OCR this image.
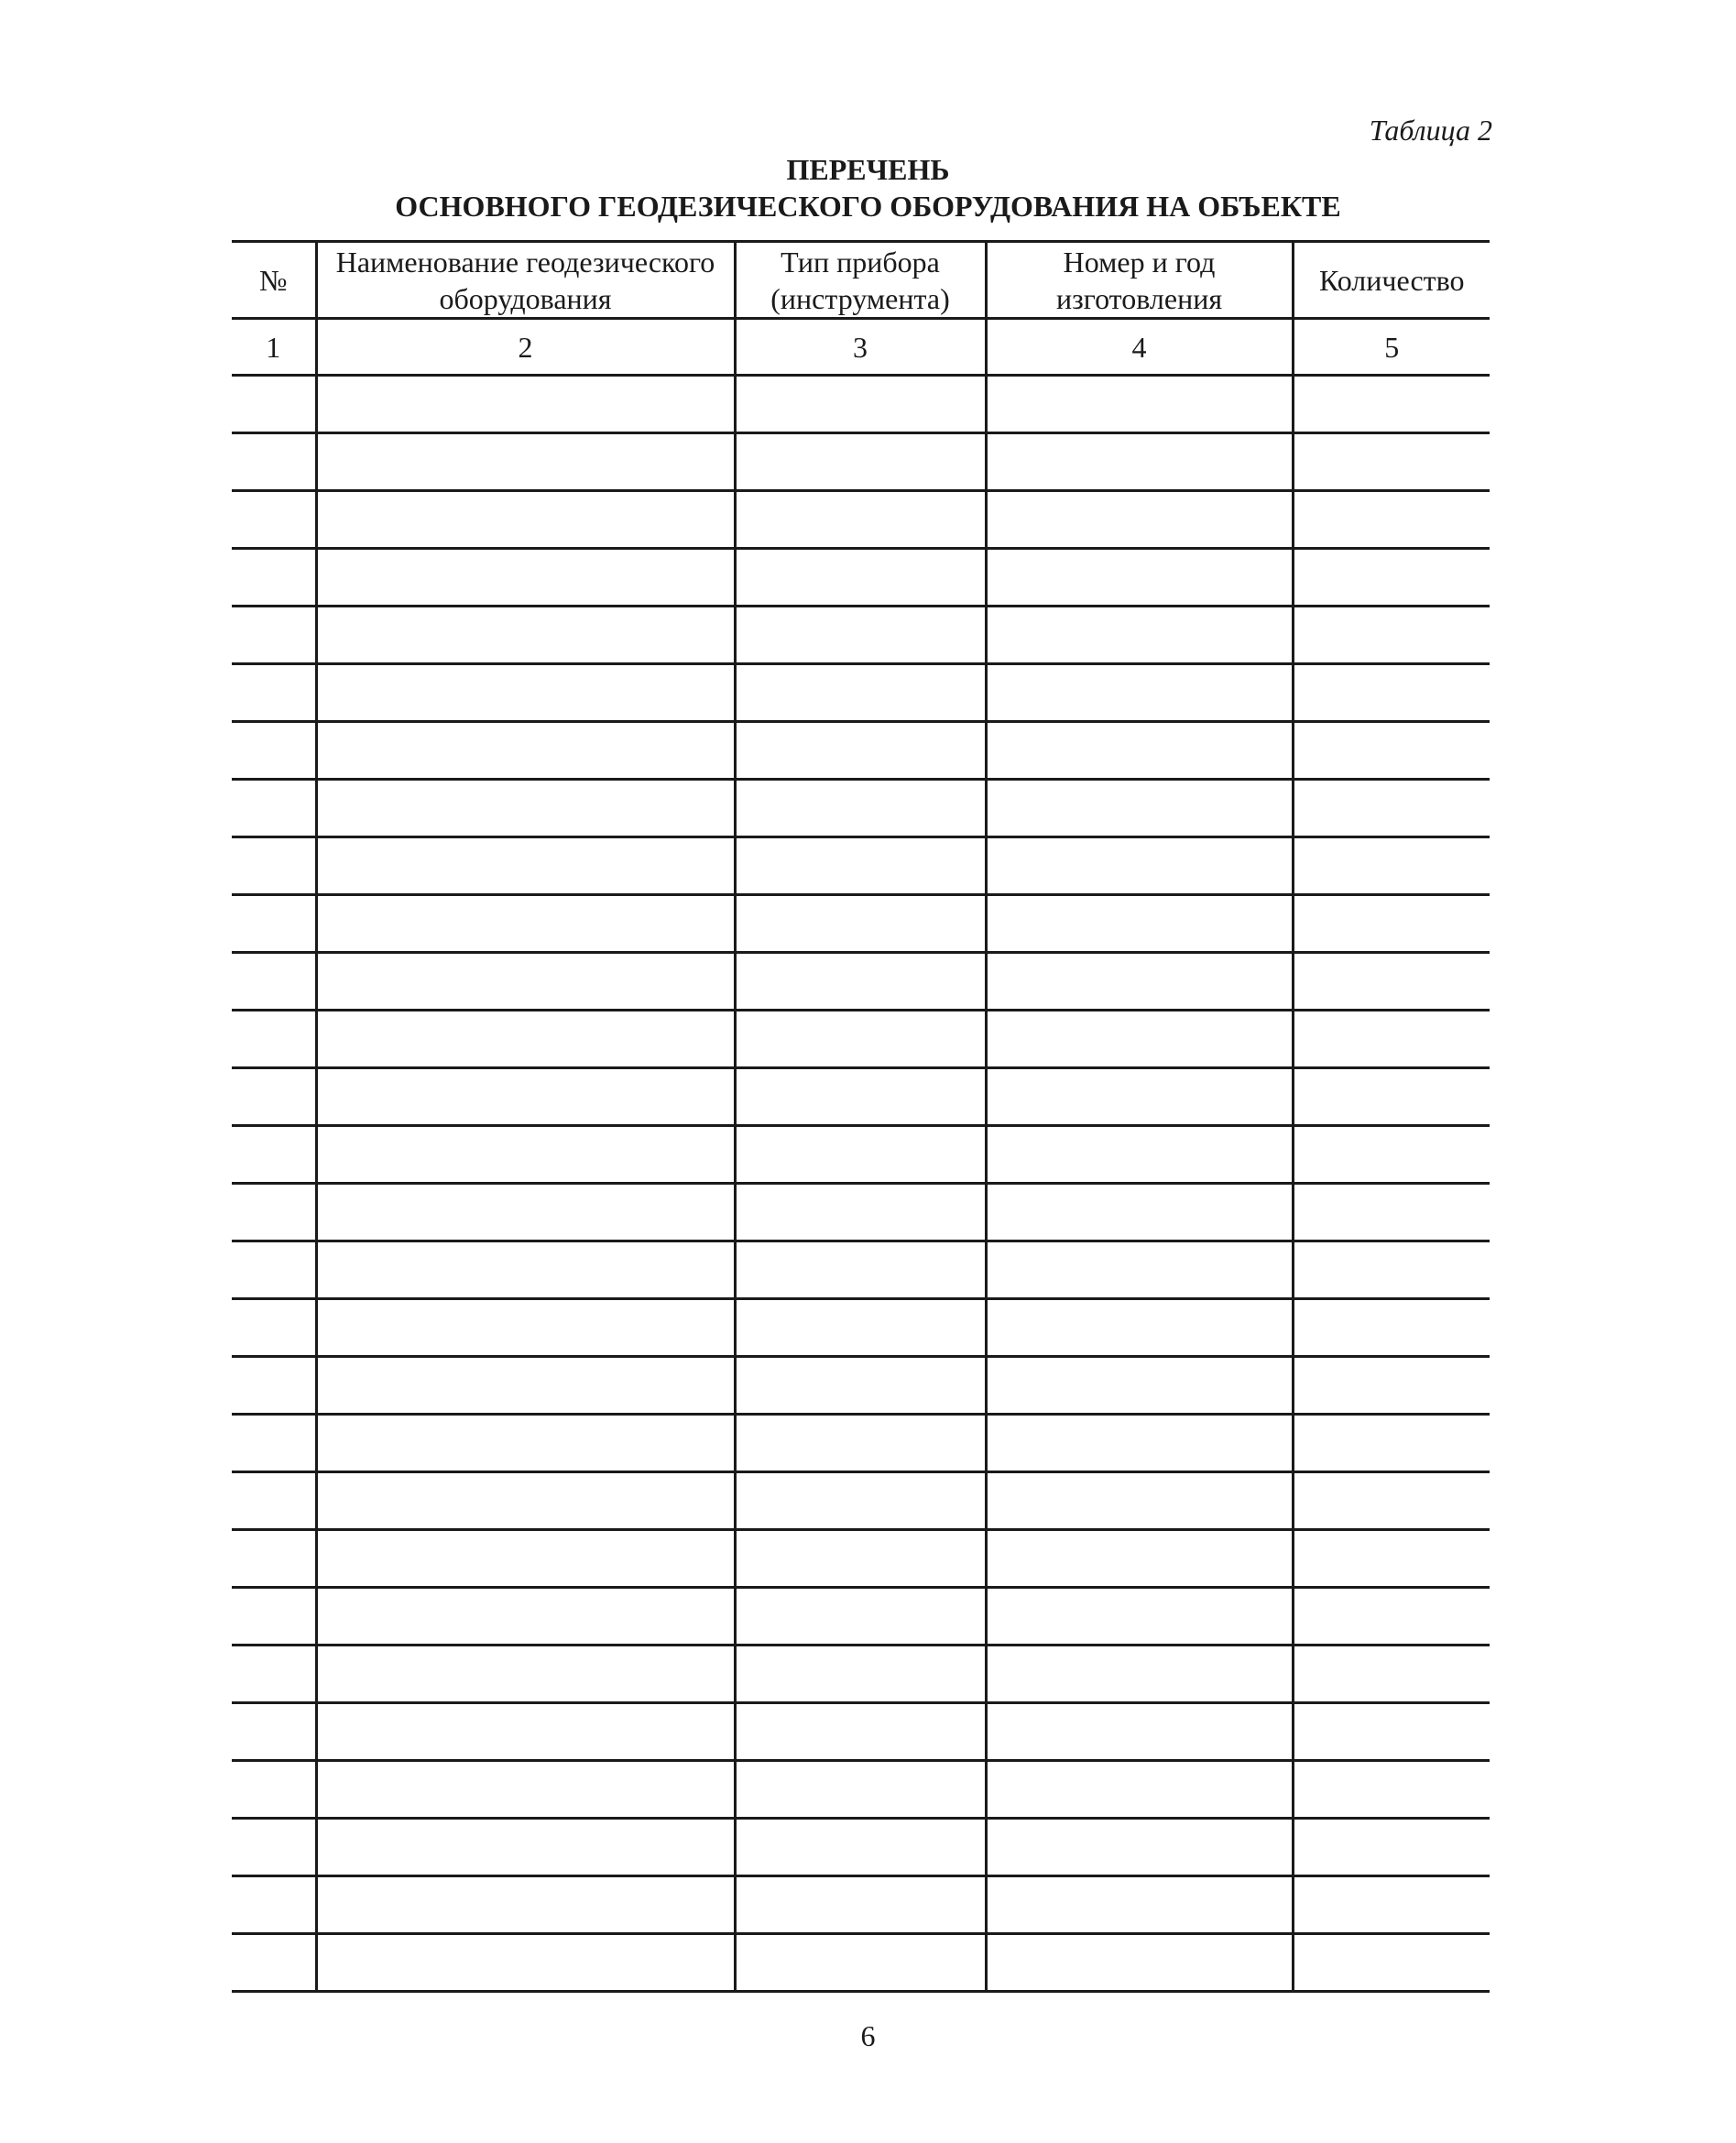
Таблица 2
ПЕРЕЧЕНЬ
ОСНОВНОГО ГЕОДЕЗИЧЕСКОГО ОБОРУДОВАНИЯ НА ОБЪЕКТЕ
№	Наименование геодезического оборудования	Тип прибора (инструмента)	Номер и год изготовления	Количество
1	2	3	4	5

6
